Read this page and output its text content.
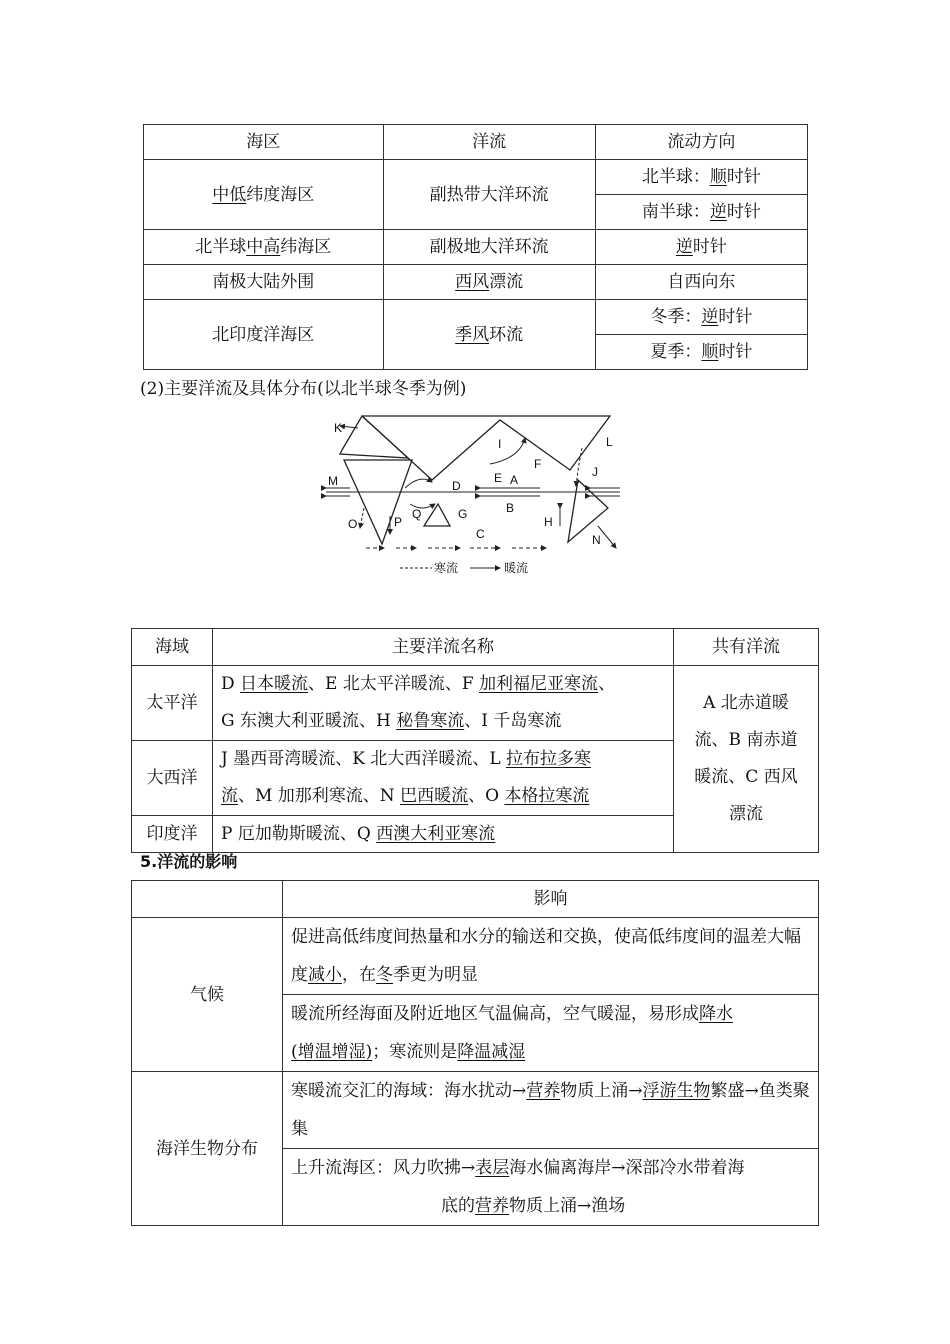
海区	洋流	流动方向
中低纬度海区	副热带大洋环流	北半球：顺时针
		南半球：逆时针
北半球中高纬海区	副极地大洋环流	逆时针
南极大陆外围	西风漂流	自西向东
北印度洋海区	季风环流	冬季：逆时针
		夏季：顺时针
(2)主要洋流及具体分布(以北半球冬季为例)
K
M
O	P
Q	G
D
E A
B
I
F
C
L
J
H
N
寒流	暖流
海域	主要洋流名称	共有洋流
太平洋	D 日本暖流、E 北太平洋暖流、F 加利福尼亚寒流、
G 东澳大利亚暖流、H 秘鲁寒流、I 千岛寒流	A 北赤道暖
流、B 南赤道
暖流、C 西风
漂流
大西洋	J 墨西哥湾暖流、K 北大西洋暖流、L 拉布拉多寒
流、M 加那利寒流、N 巴西暖流、O 本格拉寒流	
印度洋	P 厄加勒斯暖流、Q 西澳大利亚寒流	
5.洋流的影响
	影响
气候	促进高低纬度间热量和水分的输送和交换，使高低纬度间的温差大幅度减小，在冬季更为明显
	暖流所经海面及附近地区气温偏高，空气暖湿，易形成降水
(增温增湿)；寒流则是降温减湿
海洋生物分布	寒暖流交汇的海域：海水扰动→营养物质上涌→浮游生物繁盛→鱼类聚集
	上升流海区：风力吹拂→表层海水偏离海岸→深部冷水带着海
底的营养物质上涌→渔场
